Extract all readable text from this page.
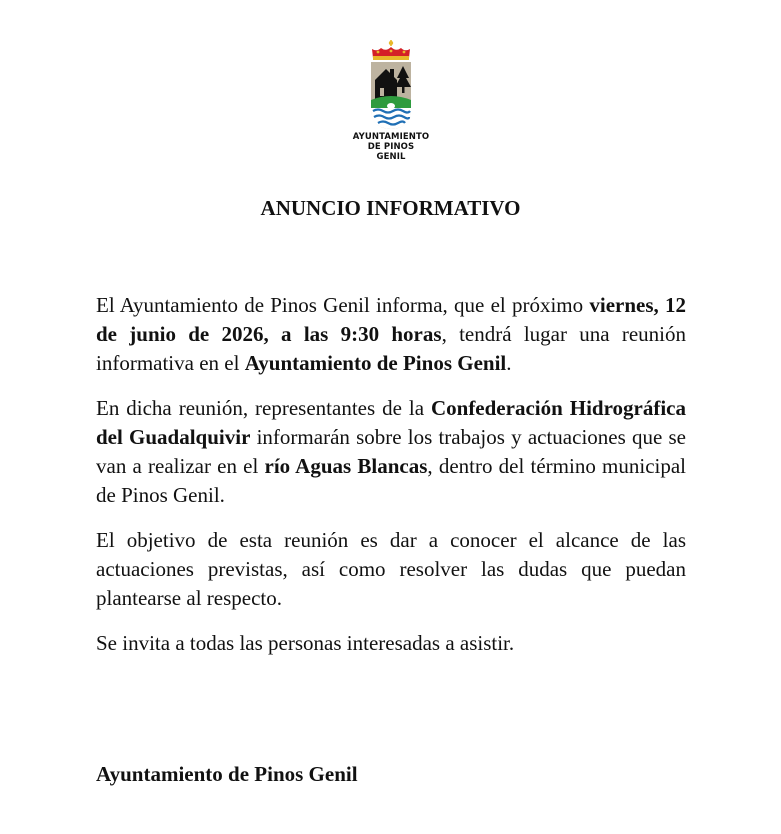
AYUNTAMIENTO
DE PINOS GENIL
ANUNCIO INFORMATIVO

El Ayuntamiento de Pinos Genil informa, que el próximo viernes, 12 de junio de 2026, a las 9:30 horas, tendrá lugar una reunión informativa en el Ayuntamiento de Pinos Genil.

En dicha reunión, representantes de la Confederación Hidrográfica del Guadalquivir informarán sobre los trabajos y actuaciones que se van a realizar en el río Aguas Blancas, dentro del término municipal de Pinos Genil.

El objetivo de esta reunión es dar a conocer el alcance de las actuaciones previstas, así como resolver las dudas que puedan plantearse al respecto.

Se invita a todas las personas interesadas a asistir.

Ayuntamiento de Pinos Genil
